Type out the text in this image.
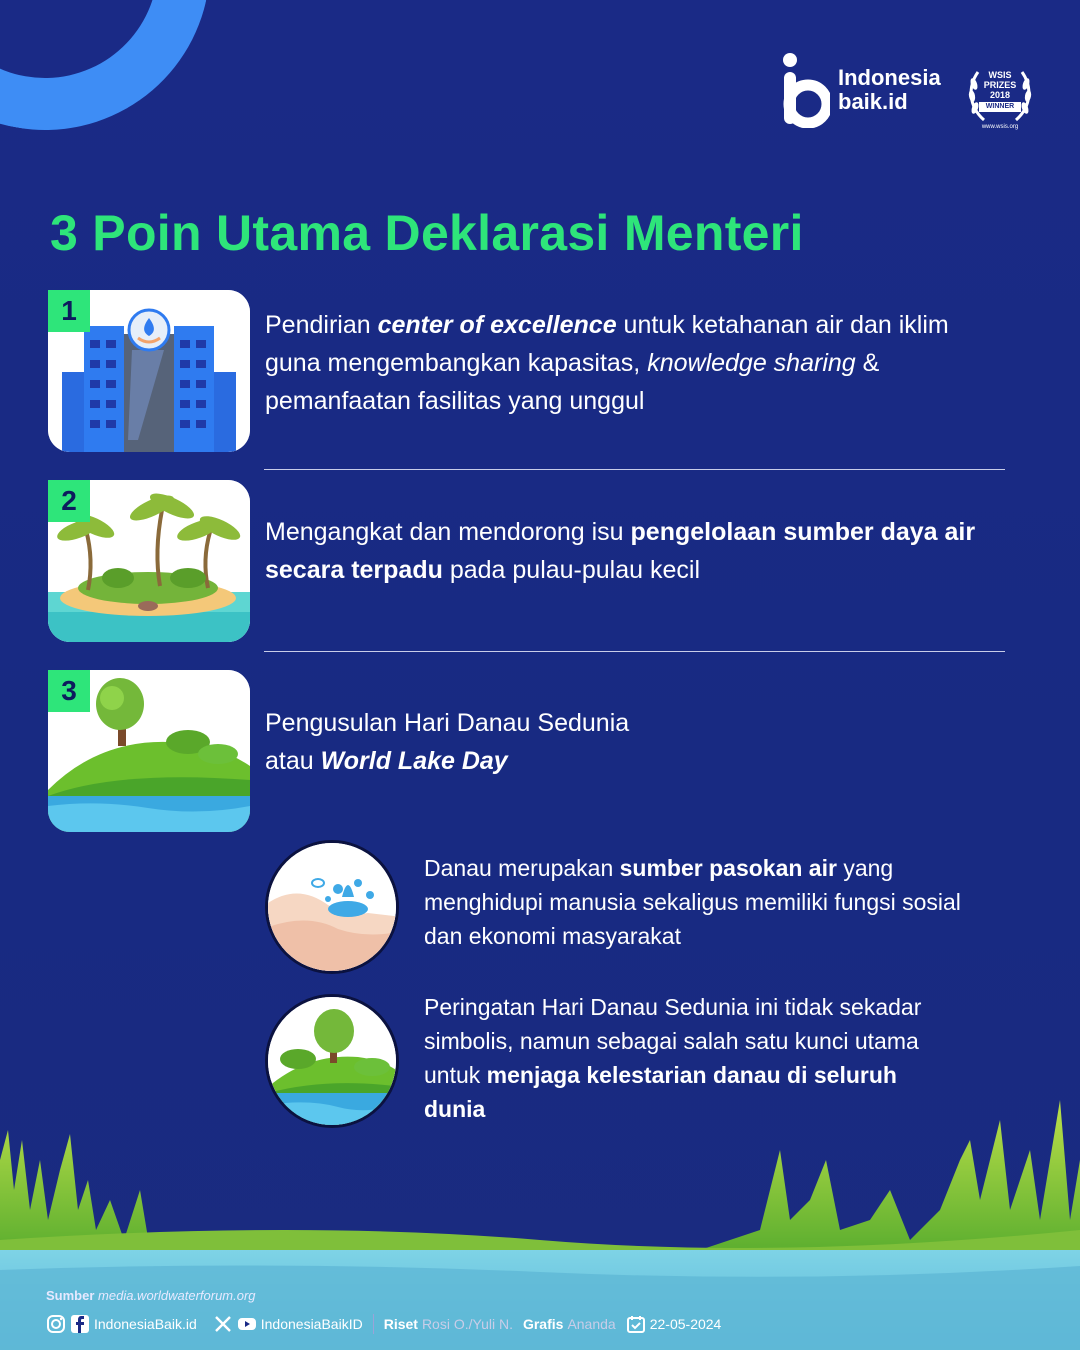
Indonesia
baik.id
WSIS
PRIZES
2018
WINNER
www.wsis.org
3 Poin Utama Deklarasi Menteri
1	Pendirian center of excellence untuk ketahanan air dan iklim guna mengembangkan kapasitas, knowledge sharing & pemanfaatan fasilitas yang unggul
2
Mengangkat dan mendorong isu pengelolaan sumber daya air secara terpadu pada pulau-pulau kecil
3
Pengusulan Hari Danau Sedunia
atau World Lake Day
Danau merupakan sumber pasokan air yang menghidupi manusia sekaligus memiliki fungsi sosial dan ekonomi masyarakat
Peringatan Hari Danau Sedunia ini tidak sekadar simbolis, namun sebagai salah satu kunci utama untuk menjaga kelestarian danau di seluruh dunia
Sumber media.worldwaterforum.org
IndonesiaBaik.id	IndonesiaBaikID Riset Rosi O./Yuli N. Grafis Ananda 22-05-2024
